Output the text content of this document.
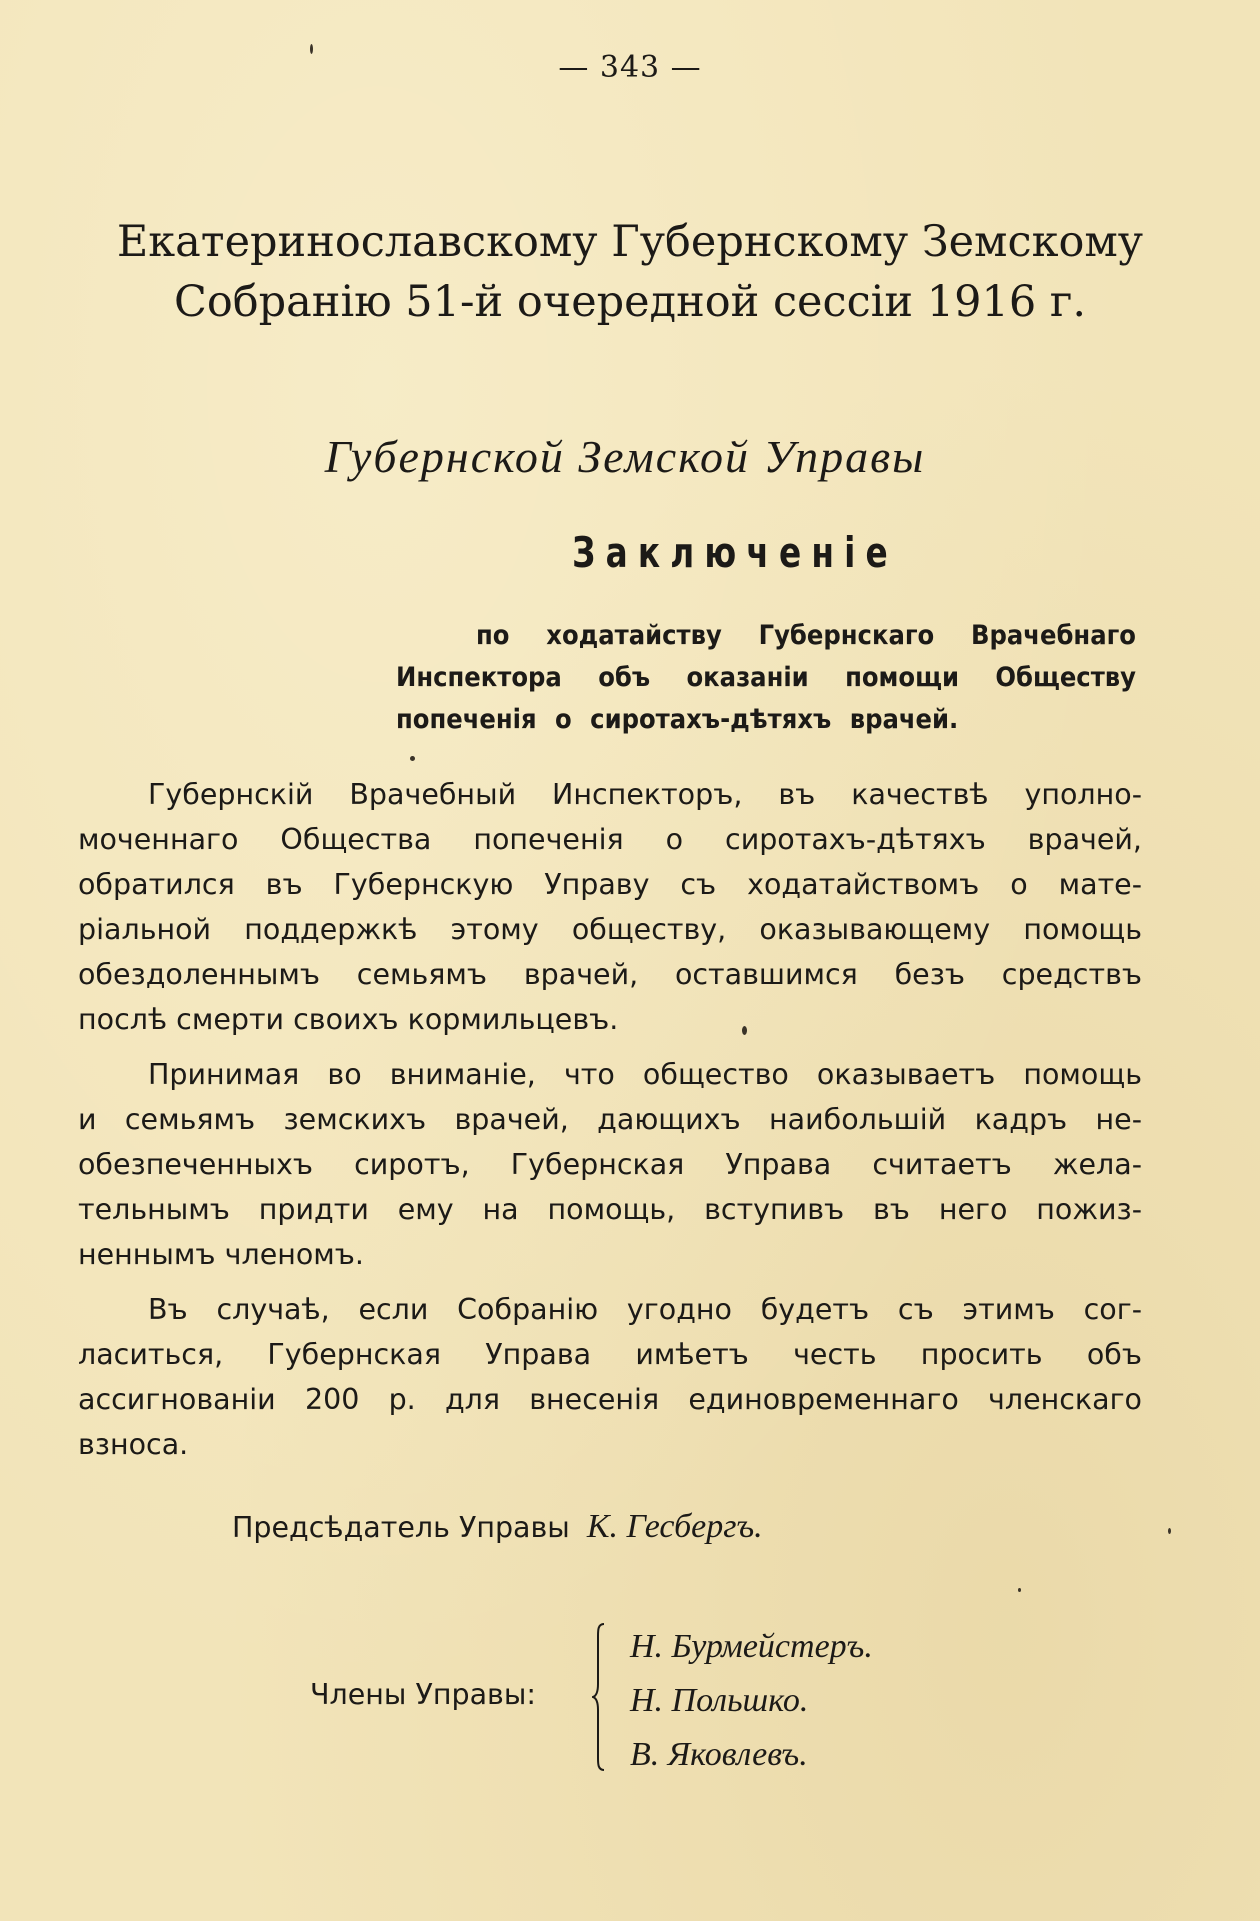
— 343 —
Екатеринославскому Губернскому Земскому
Собранію 51-й очередной сессіи 1916 г.
Губернской Земской Управы
Заключеніе
по ходатайству Губернскаго Врачебнаго
Инспектора объ оказаніи помощи Обществу
попеченія о сиротахъ-дѣтяхъ врачей.

Губернскій Врачебный Инспекторъ, въ качествѣ уполно-
моченнаго Общества попеченія о сиротахъ-дѣтяхъ врачей,
обратился въ Губернскую Управу съ ходатайствомъ о мате-
ріальной поддержкѣ этому обществу, оказывающему помощь
обездоленнымъ семьямъ врачей, оставшимся безъ средствъ
послѣ смерти своихъ кормильцевъ.

Принимая во вниманіе, что общество оказываетъ помощь
и семьямъ земскихъ врачей, дающихъ наибольшій кадръ не-
обезпеченныхъ сиротъ, Губернская Управа считаетъ жела-
тельнымъ придти ему на помощь, вступивъ въ него пожиз-
неннымъ членомъ.

Въ случаѣ, если Собранію угодно будетъ съ этимъ сог-
ласиться, Губернская Управа имѣетъ честь просить объ
ассигнованіи 200 р. для внесенія единовременнаго членскаго
взноса.

Предсѣдатель Управы К. Гесбергъ.
Члены Управы:
Н. Бурмейстеръ.
Н. Польшко.
В. Яковлевъ.
